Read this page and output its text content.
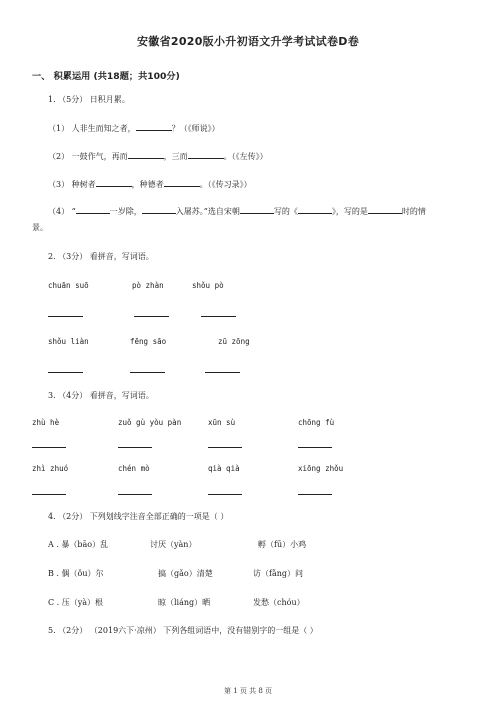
安徽省2020版小升初语文升学考试试卷D卷
一、 积累运用 (共18题；共100分)
1. （5分） 日积月累。
（1） 人非生而知之者，	？（《师说》）
（2） 一鼓作气，再而	，三而	。（《左传》）
（3） 种树者	，种德者	。（《传习录》）
（4） “	一岁除，	入屠苏。”选自宋朝	写的《	》，写的是	时的情
景。
2. （3分） 看拼音，写词语。
chuān suō	pò zhàn	shǒu pò
shǒu liàn	fēng sāo	zū zōng
3. （4分） 看拼音，写词语。
zhù hè	zuǒ gù yòu pàn	xūn sù	chōng fù
zhì zhuó	chén mò	qià qià	xiōng zhǒu
4. （2分） 下列划线字注音全部正确的一项是（ ）
A . 暴（bāo）乱	讨厌（yàn）	孵（fū）小鸡
B . 偶（ǒu）尔	搞（gǎo）清楚	访（fǎng）问
C . 压（yà）根	晾（liáng）晒	发愁（chóu）
5. （2分） （2019六下·凉州） 下列各组词语中，没有错别字的一组是（ ）
第 1 页 共 8 页
